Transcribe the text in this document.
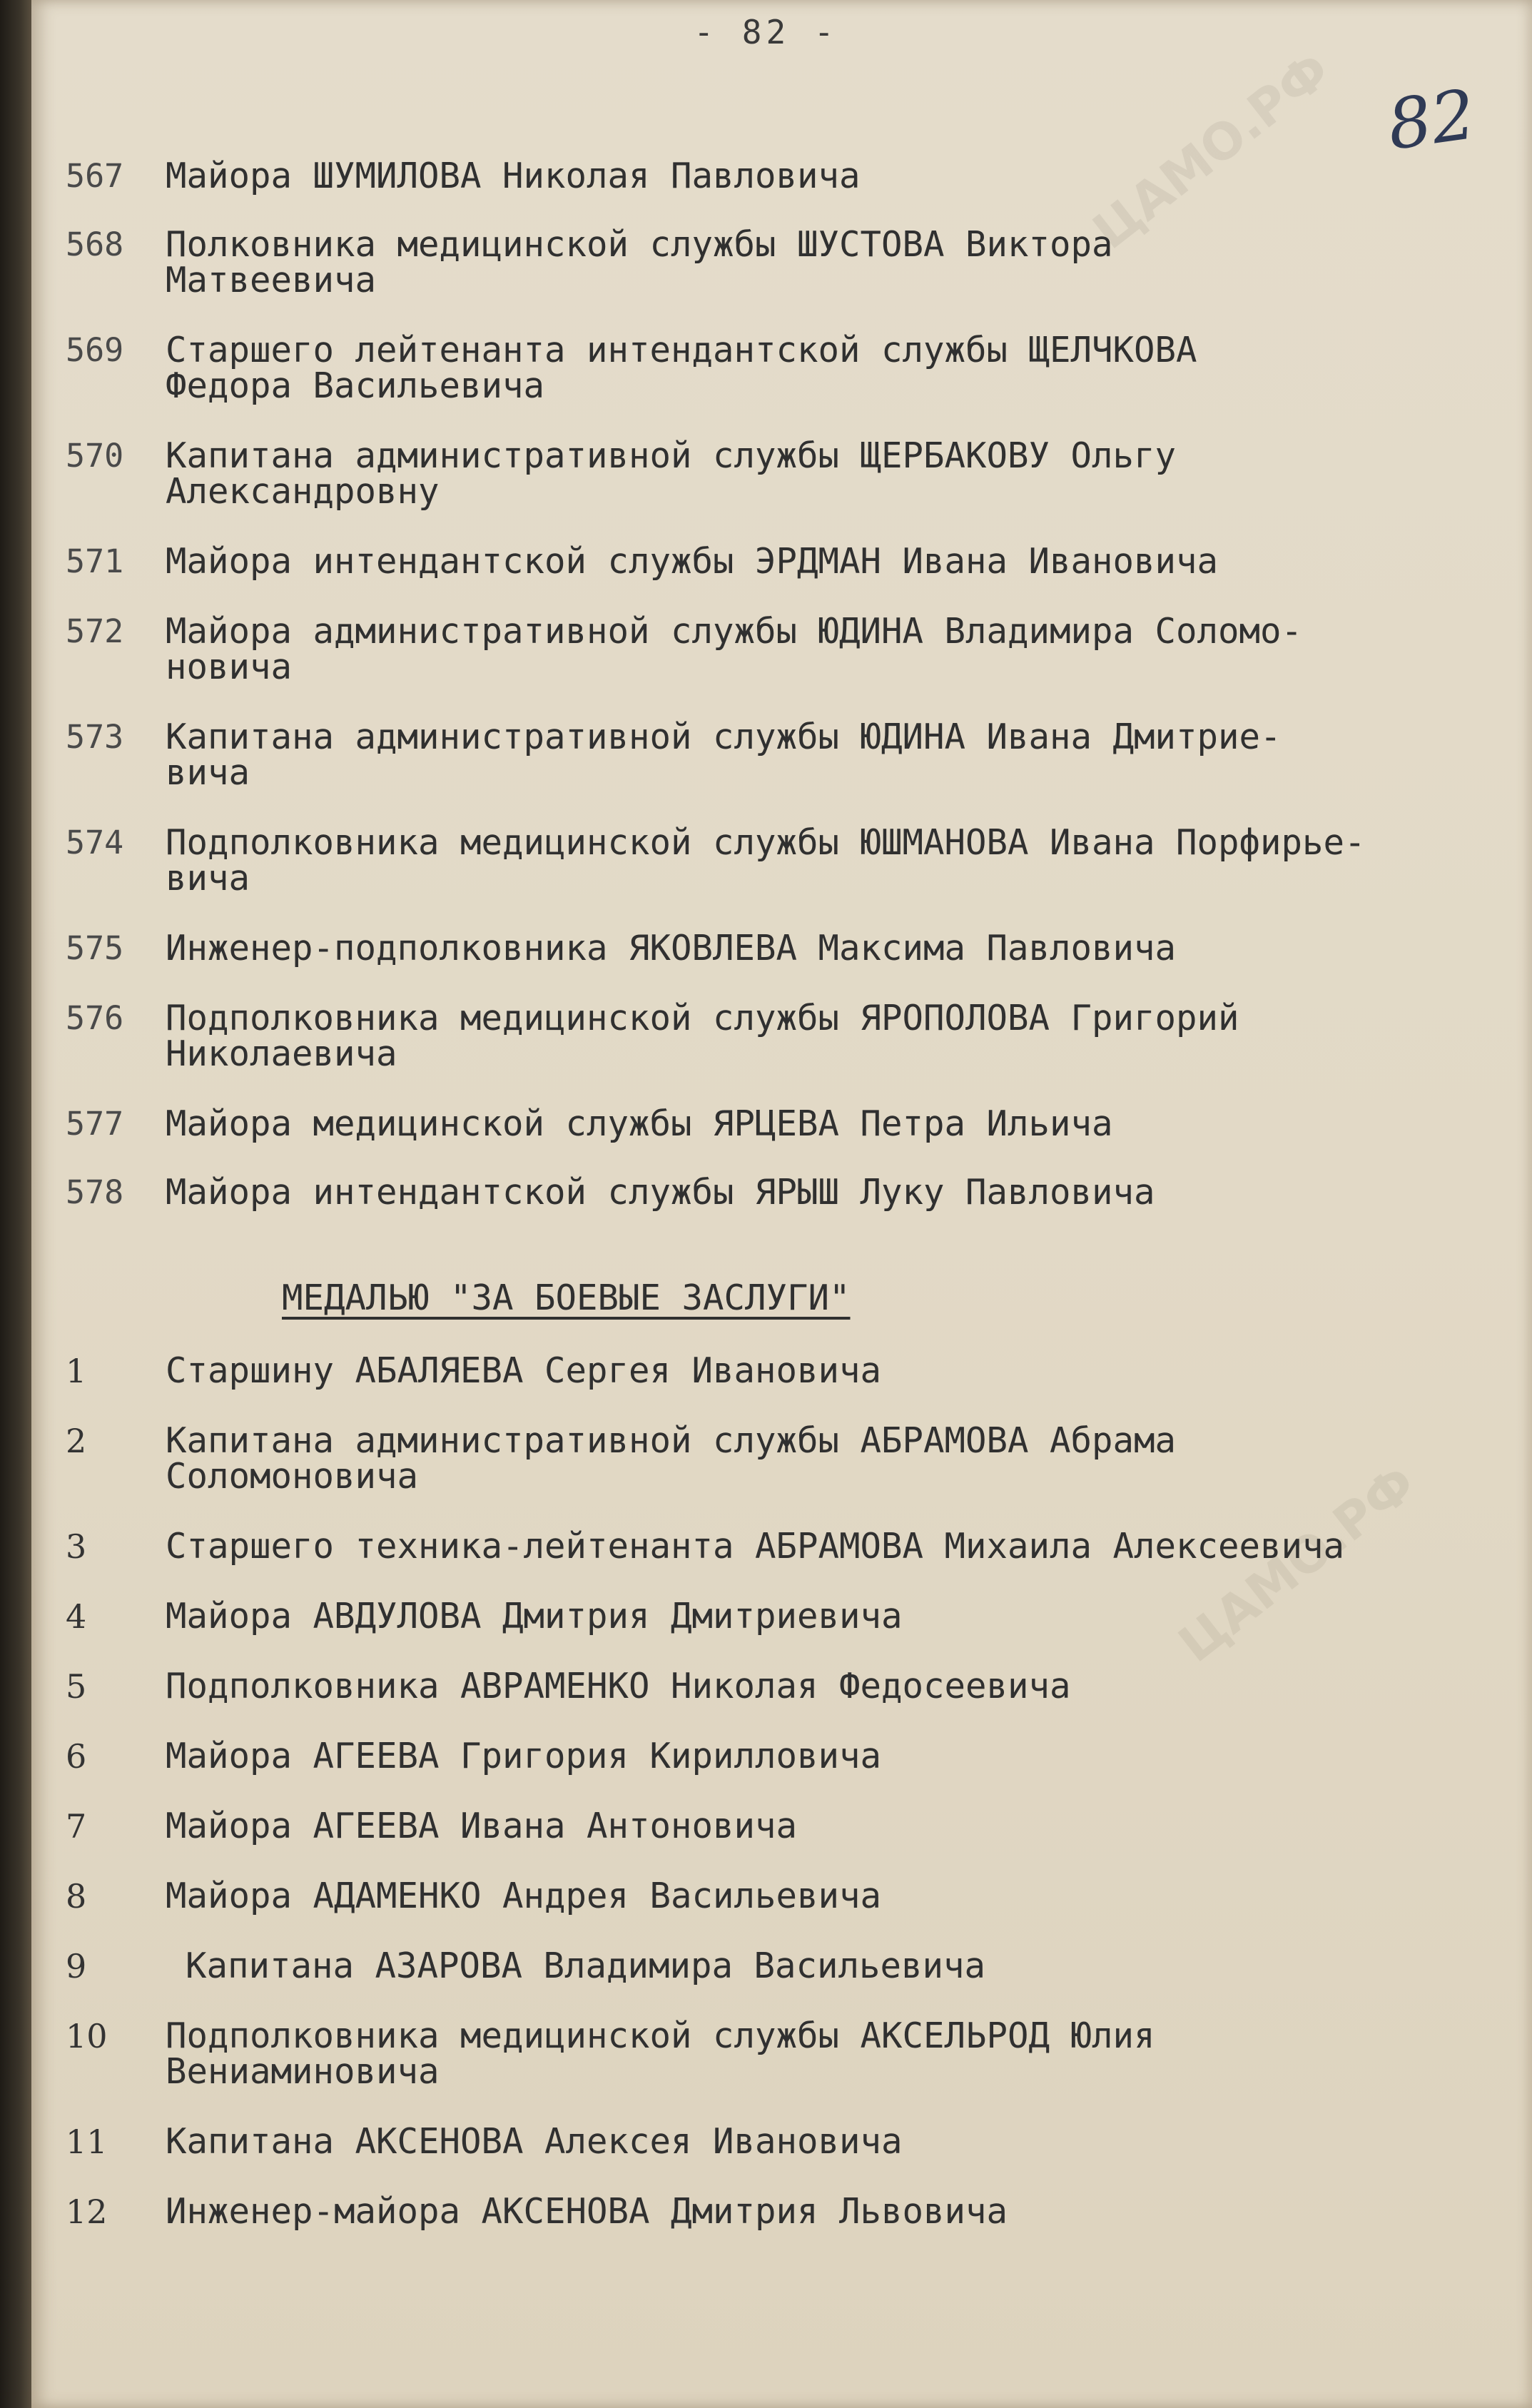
ЦАМО.РФ
ЦАМО.РФ
- 82 -
82
567 Майора ШУМИЛОВА Николая Павловича
568 Полковника медицинской службы ШУСТОВА Виктора
Матвеевича
569 Старшего лейтенанта интендантской службы ЩЕЛЧКОВА
Федора Васильевича
570 Капитана административной службы ЩЕРБАКОВУ Ольгу
Александровну
571 Майора интендантской службы ЭРДМАН Ивана Ивановича
572 Майора административной службы ЮДИНА Владимира Соломо-
новича
573 Капитана административной службы ЮДИНА Ивана Дмитрие-
вича
574 Подполковника медицинской службы ЮШМАНОВА Ивана Порфирье-
вича
575 Инженер-подполковника ЯКОВЛЕВА Максима Павловича
576 Подполковника медицинской службы ЯРОПОЛОВА Григорий
Николаевича
577 Майора медицинской службы ЯРЦЕВА Петра Ильича
578 Майора интендантской службы ЯРЫШ Луку Павловича
МЕДАЛЬЮ "ЗА БОЕВЫЕ ЗАСЛУГИ"
1 Старшину АБАЛЯЕВА Сергея Ивановича
2 Капитана административной службы АБРАМОВА Абрама
Соломоновича
3 Старшего техника-лейтенанта АБРАМОВА Михаила Алексеевича
4 Майора АВДУЛОВА Дмитрия Дмитриевича
5 Подполковника АВРАМЕНКО Николая Федосеевича
6 Майора АГЕЕВА Григория Кирилловича
7 Майора АГЕЕВА Ивана Антоновича
8 Майора АДАМЕНКО Андрея Васильевича
9	Капитана АЗАРОВА Владимира Васильевича
10 Подполковника медицинской службы АКСЕЛЬРОД Юлия
Вениаминовича
11 Капитана АКСЕНОВА Алексея Ивановича
12 Инженер-майора АКСЕНОВА Дмитрия Львовича
